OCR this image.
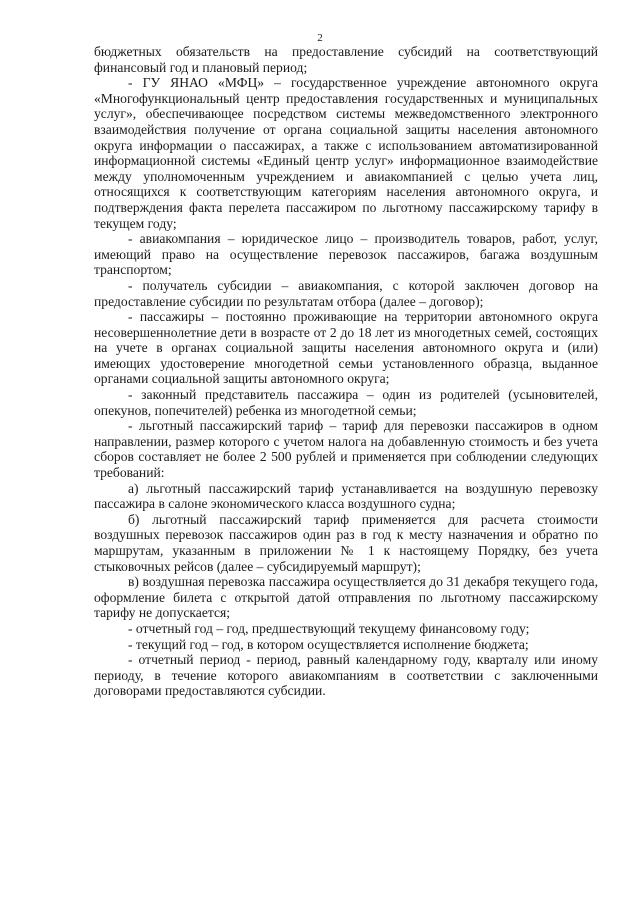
2

бюджетных обязательств на предоставление субсидий на соответствующий финансовый год и плановый период;

- ГУ ЯНАО «МФЦ» – государственное учреждение автономного округа «Многофункциональный центр предоставления государственных и муниципальных услуг», обеспечивающее посредством системы межведомственного электронного взаимодействия получение от органа социальной защиты населения автономного округа информации о пассажирах, а также с использованием автоматизированной информационной системы «Единый центр услуг» информационное взаимодействие между уполномоченным учреждением и авиакомпанией с целью учета лиц, относящихся к соответствующим категориям населения автономного округа, и подтверждения факта перелета пассажиром по льготному пассажирскому тарифу в текущем году;

- авиакомпания – юридическое лицо – производитель товаров, работ, услуг, имеющий право на осуществление перевозок пассажиров, багажа воздушным транспортом;

- получатель субсидии – авиакомпания, с которой заключен договор на предоставление субсидии по результатам отбора (далее – договор);

- пассажиры – постоянно проживающие на территории автономного округа несовершеннолетние дети в возрасте от 2 до 18 лет из многодетных семей, состоящих на учете в органах социальной защиты населения автономного округа и (или) имеющих удостоверение многодетной семьи установленного образца, выданное органами социальной защиты автономного округа;

- законный представитель пассажира – один из родителей (усыновителей, опекунов, попечителей) ребенка из многодетной семьи;

- льготный пассажирский тариф – тариф для перевозки пассажиров в одном направлении, размер которого с учетом налога на добавленную стоимость и без учета сборов составляет не более 2 500 рублей и применяется при соблюдении следующих требований:

а) льготный пассажирский тариф устанавливается на воздушную перевозку пассажира в салоне экономического класса воздушного судна;

б) льготный пассажирский тариф применяется для расчета стоимости воздушных перевозок пассажиров один раз в год к месту назначения и обратно по маршрутам, указанным в приложении № 1 к настоящему Порядку, без учета стыковочных рейсов (далее – субсидируемый маршрут);

в) воздушная перевозка пассажира осуществляется до 31 декабря текущего года, оформление билета с открытой датой отправления по льготному пассажирскому тарифу не допускается;

- отчетный год – год, предшествующий текущему финансовому году;

- текущий год – год, в котором осуществляется исполнение бюджета;

- отчетный период - период, равный календарному году, кварталу или иному периоду, в течение которого авиакомпаниям в соответствии с заключенными договорами предоставляются субсидии.
